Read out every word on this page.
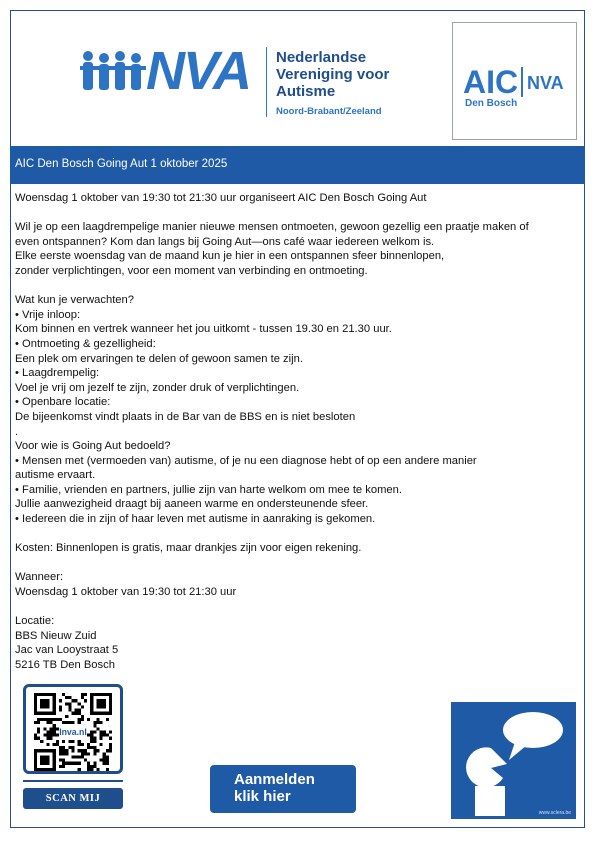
NVA Nederlandse
Vereniging voor
Autisme
Noord-Brabant/Zeeland
AIC NVA
Den Bosch
AIC Den Bosch Going Aut 1 oktober 2025
Woensdag 1 oktober van 19:30 tot 21:30 uur organiseert AIC Den Bosch Going Aut

Wil je op een laagdrempelige manier nieuwe mensen ontmoeten, gewoon gezellig een praatje maken of
even ontspannen? Kom dan langs bij Going Aut—ons café waar iedereen welkom is.
Elke eerste woensdag van de maand kun je hier in een ontspannen sfeer binnenlopen,
zonder verplichtingen, voor een moment van verbinding en ontmoeting.

Wat kun je verwachten?
• Vrije inloop:
Kom binnen en vertrek wanneer het jou uitkomt - tussen 19.30 en 21.30 uur.
• Ontmoeting & gezelligheid:
Een plek om ervaringen te delen of gewoon samen te zijn.
• Laagdrempelig:
Voel je vrij om jezelf te zijn, zonder druk of verplichtingen.
• Openbare locatie:
De bijeenkomst vindt plaats in de Bar van de BBS en is niet besloten
.
Voor wie is Going Aut bedoeld?
• Mensen met (vermoeden van) autisme, of je nu een diagnose hebt of op een andere manier
autisme ervaart.
• Familie, vrienden en partners, jullie zijn van harte welkom om mee te komen.
Jullie aanwezigheid draagt bij aaneen warme en ondersteunende sfeer.
• Iedereen die in zijn of haar leven met autisme in aanraking is gekomen.

Kosten: Binnenlopen is gratis, maar drankjes zijn voor eigen rekening.

Wanneer:
Woensdag 1 oktober van 19:30 tot 21:30 uur

Locatie:
BBS Nieuw Zuid
Jac van Looystraat 5
5216 TB Den Bosch
Inva.nl
SCAN MIJ
Aanmelden
klik hier
www.sclera.be
